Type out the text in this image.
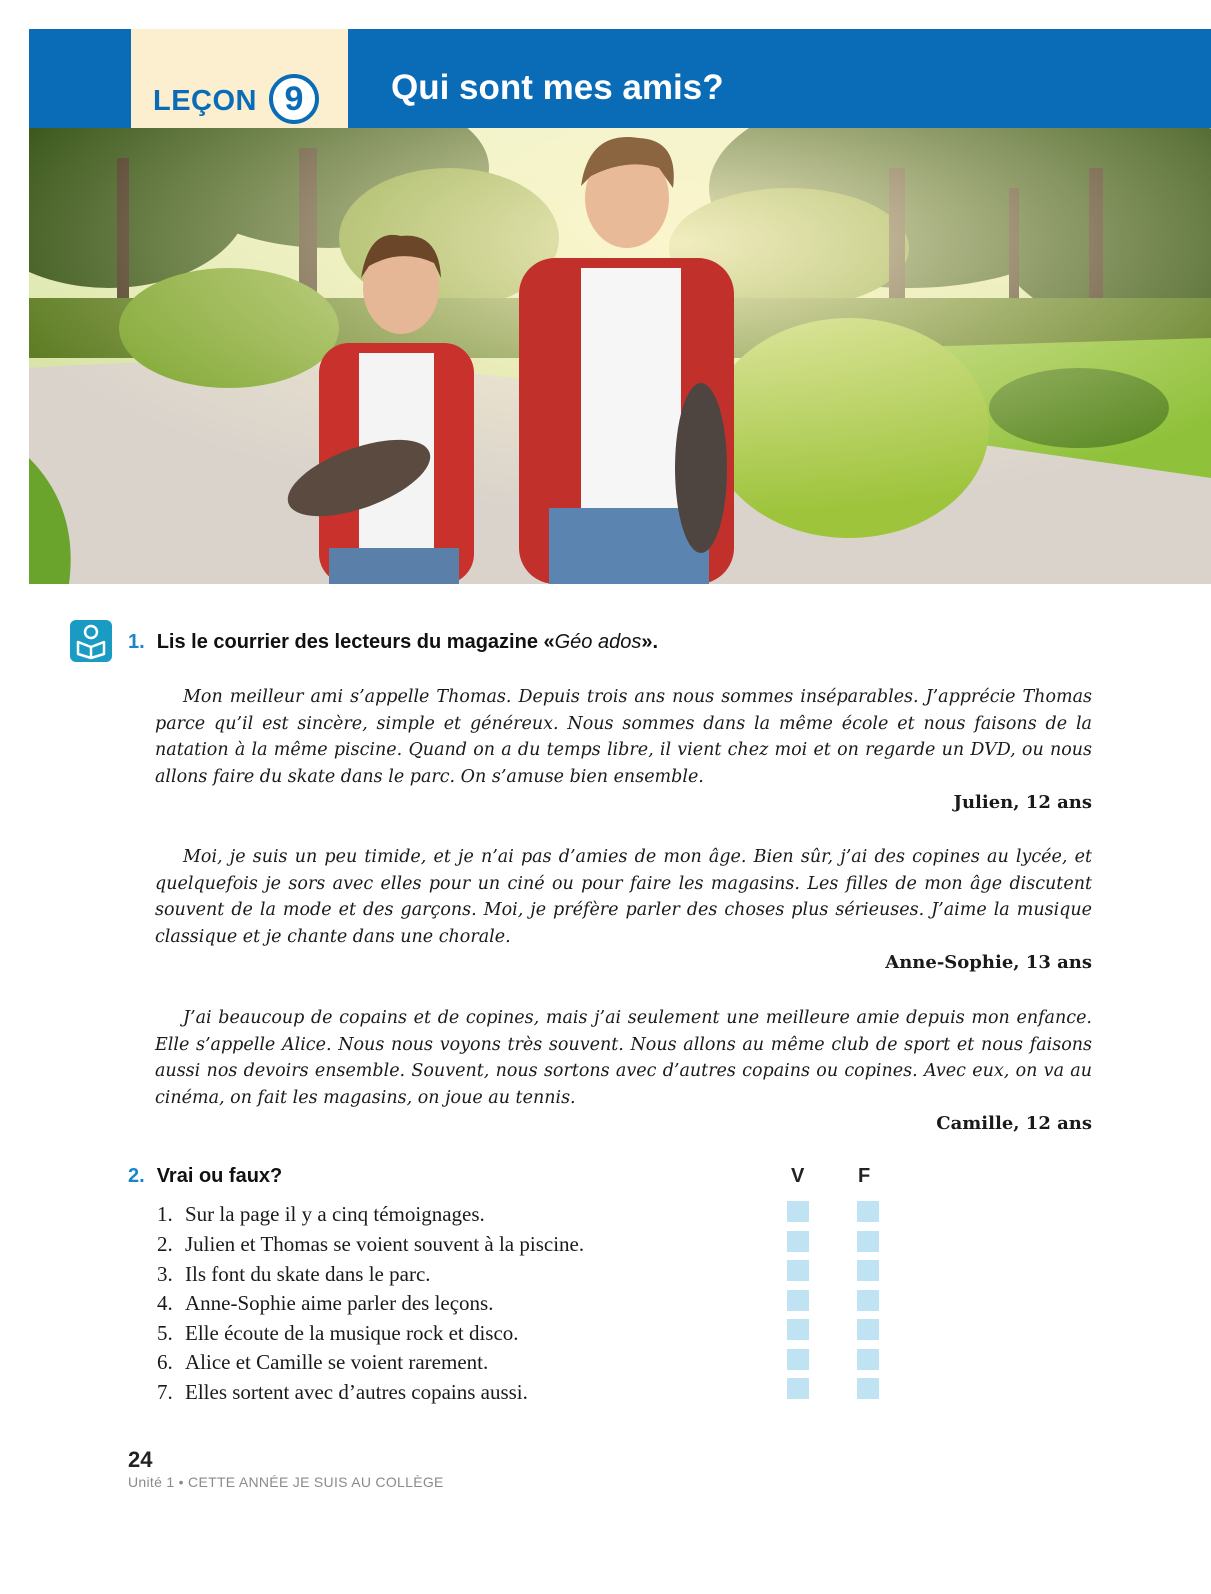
LEÇON 9	Qui sont mes amis?
1. Lis le courrier des lecteurs du magazine «Géo ados».

Mon meilleur ami s’appelle Thomas. Depuis trois ans nous sommes inséparables. J’apprécie Thomas parce qu’il est sincère, simple et généreux. Nous sommes dans la même école et nous faisons de la natation à la même piscine. Quand on a du temps libre, il vient chez moi et on regarde un DVD, ou nous allons faire du skate dans le parc. On s’amuse bien ensemble.

Julien, 12 ans

Moi, je suis un peu timide, et je n’ai pas d’amies de mon âge. Bien sûr, j’ai des copines au lycée, et quelquefois je sors avec elles pour un ciné ou pour faire les magasins. Les filles de mon âge discutent souvent de la mode et des garçons. Moi, je préfère parler des choses plus sérieuses. J’aime la musique classique et je chante dans une chorale.

Anne-Sophie, 13 ans

J’ai beaucoup de copains et de copines, mais j’ai seulement une meilleure amie depuis mon enfance. Elle s’appelle Alice. Nous nous voyons très souvent. Nous allons au même club de sport et nous faisons aussi nos devoirs ensemble. Souvent, nous sortons avec d’autres copains ou copines. Avec eux, on va au cinéma, on fait les magasins, on joue au tennis.

Camille, 12 ans
2. Vrai ou faux?	V	F
1. Sur la page il y a cinq témoignages.
2. Julien et Thomas se voient souvent à la piscine.
3. Ils font du skate dans le parc.
4. Anne-Sophie aime parler des leçons.
5. Elle écoute de la musique rock et disco.
6. Alice et Camille se voient rarement.
7. Elles sortent avec d’autres copains aussi.
24
Unité 1 • CETTE ANNÉE JE SUIS AU COLLÈGE
